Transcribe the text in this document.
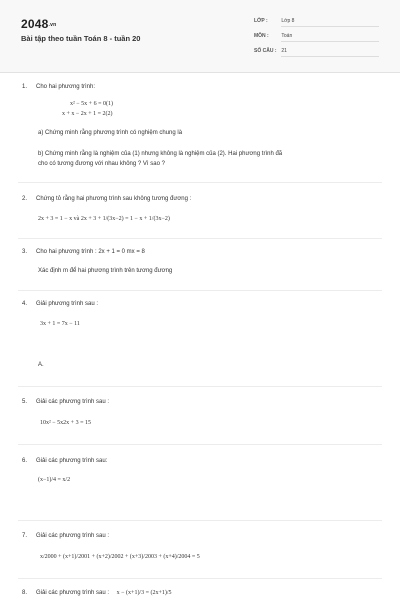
2048.vn
Bài tập theo tuần Toán 8 - tuần 20
LỚP :	Lớp 8
MÔN :	Toán
SỐ CÂU : 21
1. Cho hai phương trình:
x² − 5x + 6 = 0(1)
x + x − 2x + 1 = 2(2)
a) Chứng minh rằng phương trình có nghiệm chung là
b) Chứng minh rằng là nghiệm của (1) nhưng không là nghiệm của (2). Hai phương trình đã
cho có tương đương với nhau không ? Vì sao ?
2. Chứng tỏ rằng hai phương trình sau không tương đương :
2x + 3 = 1 − x và 2x + 3 + 1/(3x−2) = 1 − x + 1/(3x−2)
3. Cho hai phương trình : 2x + 1 = 0 mx = 8
Xác định m để hai phương trình trên tương đương
4. Giải phương trình sau :
3x + 1 = 7x − 11
A.
5. Giải các phương trình sau :
10x² − 5x2x + 3 = 15
6. Giải các phương trình sau:
(x−1)/4 = x/2
7. Giải các phương trình sau :
x/2000 + (x+1)/2001 + (x+2)/2002 + (x+3)/2003 + (x+4)/2004 = 5
8. Giải các phương trình sau : x − (x+1)/3 = (2x+1)/5
